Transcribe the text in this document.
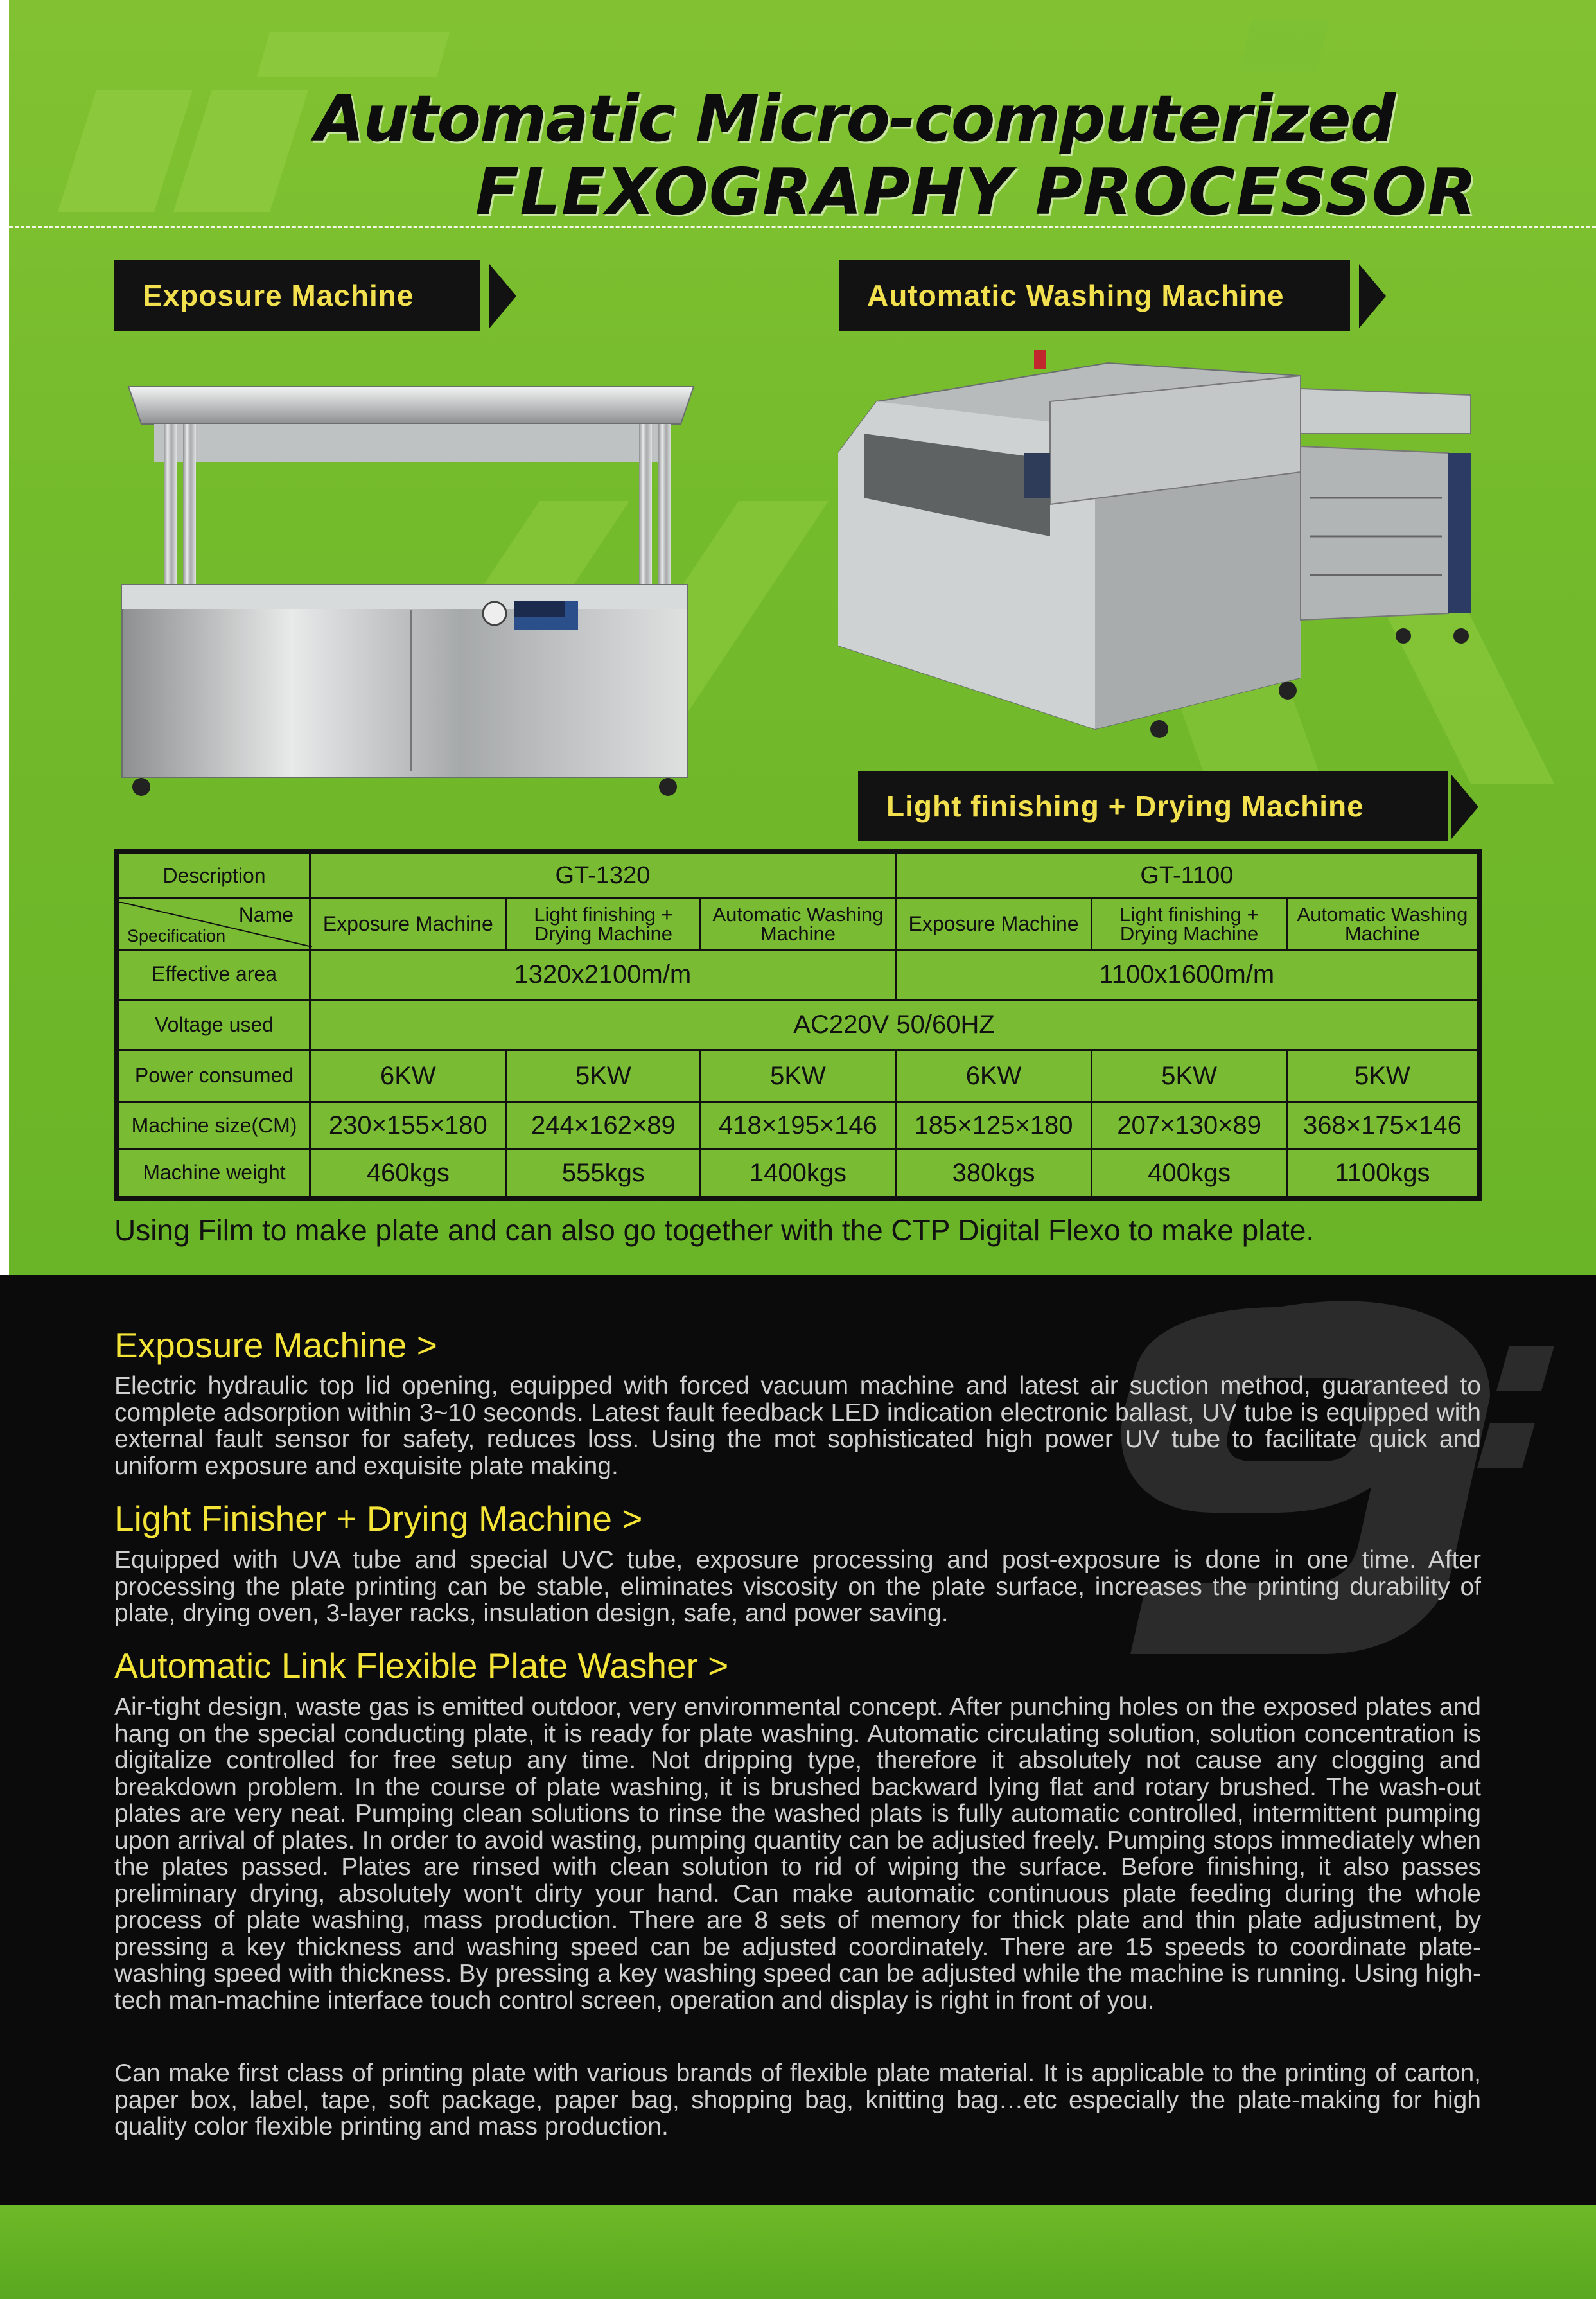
Automatic Micro-computerized
FLEXOGRAPHY PROCESSOR
Exposure Machine	Automatic Washing Machine
Light finishing + Drying Machine
Description	GT-1320			GT-1100		

Name
Specification	Exposure Machine	Light finishing + Drying Machine	Automatic Washing Machine	Exposure Machine	Light finishing + Drying Machine	Automatic Washing Machine
Effective area	1320x2100m/m			1100x1600m/m		
Voltage used	AC220V 50/60HZ					
Power consumed	6KW	5KW	5KW	6KW	5KW	5KW
Machine size(CM)	230×155×180	244×162×89	418×195×146	185×125×180	207×130×89	368×175×146
Machine weight	460kgs	555kgs	1400kgs	380kgs	400kgs	1100kgs

Using Film to make plate and can also go together with the CTP Digital Flexo to make plate.

Exposure Machine >

Electric hydraulic top lid opening, equipped with forced vacuum machine and latest air suction method, guaranteed to complete adsorption within 3~10 seconds. Latest fault feedback LED indication electronic ballast, UV tube is equipped with external fault sensor for safety, reduces loss. Using the mot sophisticated high power UV tube to facilitate quick and uniform exposure and exquisite plate making.

Light Finisher + Drying Machine >

Equipped with UVA tube and special UVC tube, exposure processing and post-exposure is done in one time. After processing the plate printing can be stable, eliminates viscosity on the plate surface, increases the printing durability of plate, drying oven, 3-layer racks, insulation design, safe, and power saving.

Automatic Link Flexible Plate Washer >

Air-tight design, waste gas is emitted outdoor, very environmental concept. After punching holes on the exposed plates and hang on the special conducting plate, it is ready for plate washing. Automatic circulating solution, solution concentration is digitalize controlled for free setup any time. Not dripping type, therefore it absolutely not cause any clogging and breakdown problem. In the course of plate washing, it is brushed backward lying flat and rotary brushed. The wash-out plates are very neat. Pumping clean solutions to rinse the washed plats is fully automatic controlled, intermittent pumping upon arrival of plates. In order to avoid wasting, pumping quantity can be adjusted freely. Pumping stops immediately when the plates passed. Plates are rinsed with clean solution to rid of wiping the surface. Before finishing, it also passes preliminary drying, absolutely won't dirty your hand. Can make automatic continuous plate feeding during the whole process of plate washing, mass production. There are 8 sets of memory for thick plate and thin plate adjustment, by pressing a key thickness and washing speed can be adjusted coordinately. There are 15 speeds to coordinate plate-washing speed with thickness. By pressing a key washing speed can be adjusted while the machine is running. Using high-tech man-machine interface touch control screen, operation and display is right in front of you.

Can make first class of printing plate with various brands of flexible plate material. It is applicable to the printing of carton, paper box, label, tape, soft package, paper bag, shopping bag, knitting bag…etc especially the plate-making for high quality color flexible printing and mass production.
